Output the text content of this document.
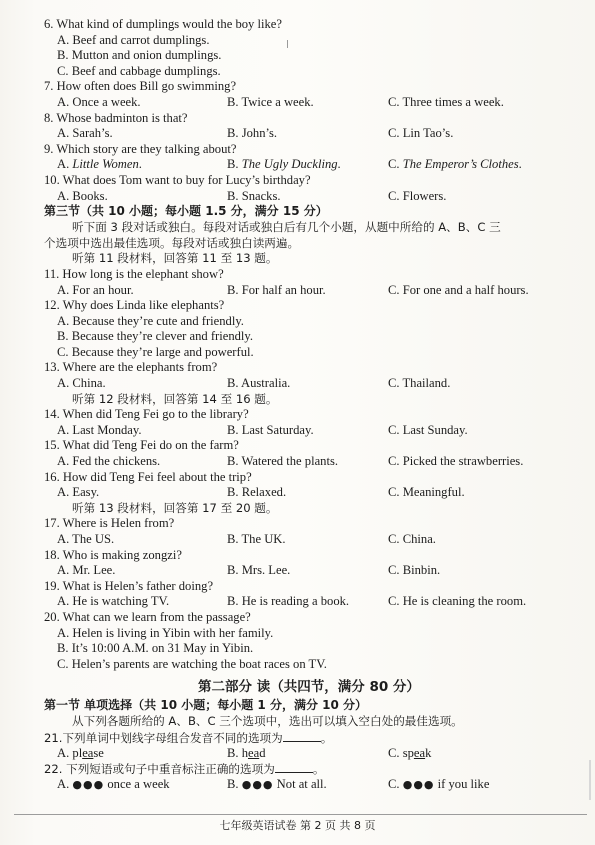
6. What kind of dumplings would the boy like?
A. Beef and carrot dumplings.
B. Mutton and onion dumplings.
C. Beef and cabbage dumplings.
7. How often does Bill go swimming?
A. Once a week.	B. Twice a week.	C. Three times a week.
8. Whose badminton is that?
A. Sarah’s.	B. John’s.	C. Lin Tao’s.
9. Which story are they talking about?
A. Little Women.	B. The Ugly Duckling.	C. The Emperor’s Clothes.
10. What does Tom want to buy for Lucy’s birthday?
A. Books.	B. Snacks.	C. Flowers.
第三节（共 10 小题；每小题 1.5 分，满分 15 分）
听下面 3 段对话或独白。每段对话或独白后有几个小题，从题中所给的 A、B、C 三
个选项中选出最佳选项。每段对话或独白读两遍。
听第 11 段材料，回答第 11 至 13 题。
11. How long is the elephant show?
A. For an hour.	B. For half an hour.	C. For one and a half hours.
12. Why does Linda like elephants?
A. Because they’re cute and friendly.
B. Because they’re clever and friendly.
C. Because they’re large and powerful.
13. Where are the elephants from?
A. China.	B. Australia.	C. Thailand.
听第 12 段材料，回答第 14 至 16 题。
14. When did Teng Fei go to the library?
A. Last Monday.	B. Last Saturday.	C. Last Sunday.
15. What did Teng Fei do on the farm?
A. Fed the chickens.	B. Watered the plants.	C. Picked the strawberries.
16. How did Teng Fei feel about the trip?
A. Easy.	B. Relaxed.	C. Meaningful.
听第 13 段材料，回答第 17 至 20 题。
17. Where is Helen from?
A. The US.	B. The UK.	C. China.
18. Who is making zongzi?
A. Mr. Lee.	B. Mrs. Lee.	C. Binbin.
19. What is Helen’s father doing?
A. He is watching TV.	B. He is reading a book.	C. He is cleaning the room.
20. What can we learn from the passage?
A. Helen is living in Yibin with her family.
B. It’s 10:00 A.M. on 31 May in Yibin.
C. Helen’s parents are watching the boat races on TV.
第二部分 读（共四节，满分 80 分）
第一节 单项选择（共 10 小题；每小题 1 分，满分 10 分）
从下列各题所给的 A、B、C 三个选项中，选出可以填入空白处的最佳选项。
21.下列单词中划线字母组合发音不同的选项为	。
A. please	B. head	C. speak
22. 下列短语或句子中重音标注正确的选项为	。
A. ●●● once a week	B. ●●● Not at all.	C. ●●● if you like
七年级英语试卷 第 2 页 共 8 页
